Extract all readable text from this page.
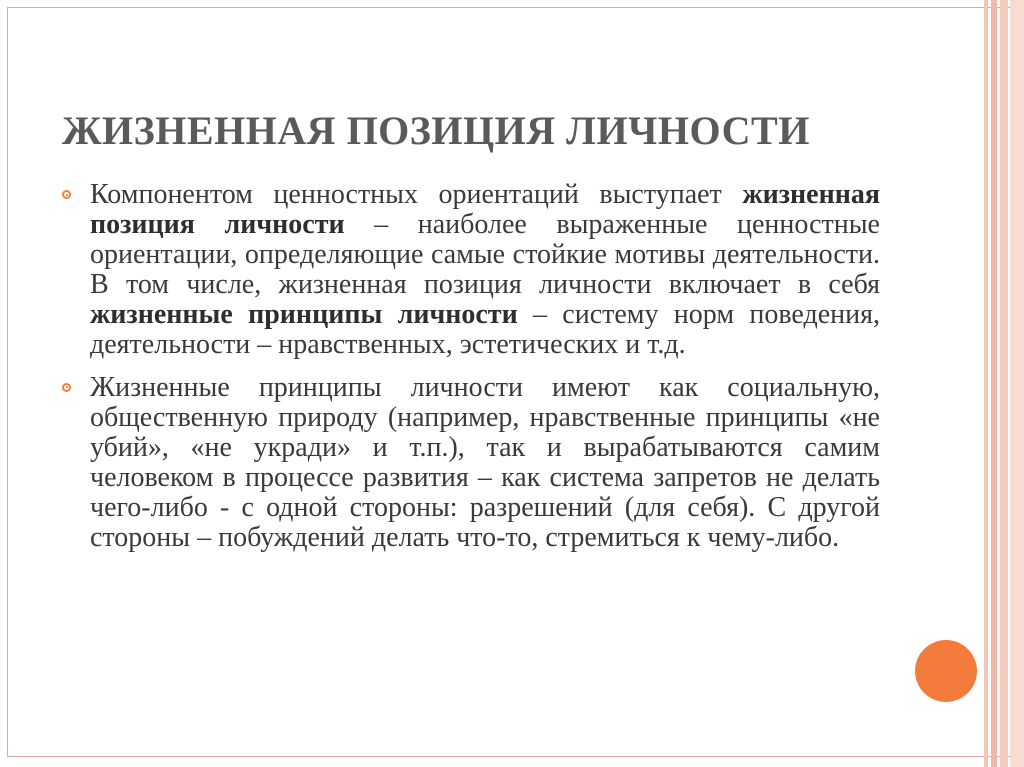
ЖИЗНЕННАЯ ПОЗИЦИЯ ЛИЧНОСТИ
Компонентом ценностных ориентаций выступает жизненная позиция личности – наиболее выраженные ценностные ориентации, определяющие самые стойкие мотивы деятельности. В том числе, жизненная позиция личности включает в себя жизненные принципы личности – систему норм поведения, деятельности – нравственных, эстетических и т.д.
Жизненные принципы личности имеют как социальную, общественную природу (например, нравственные принципы «не убий», «не укради» и т.п.), так и вырабатываются самим человеком в процессе развития – как система запретов не делать чего-либо - с одной стороны: разрешений (для себя). С другой стороны – побуждений делать что-то, стремиться к чему-либо.
